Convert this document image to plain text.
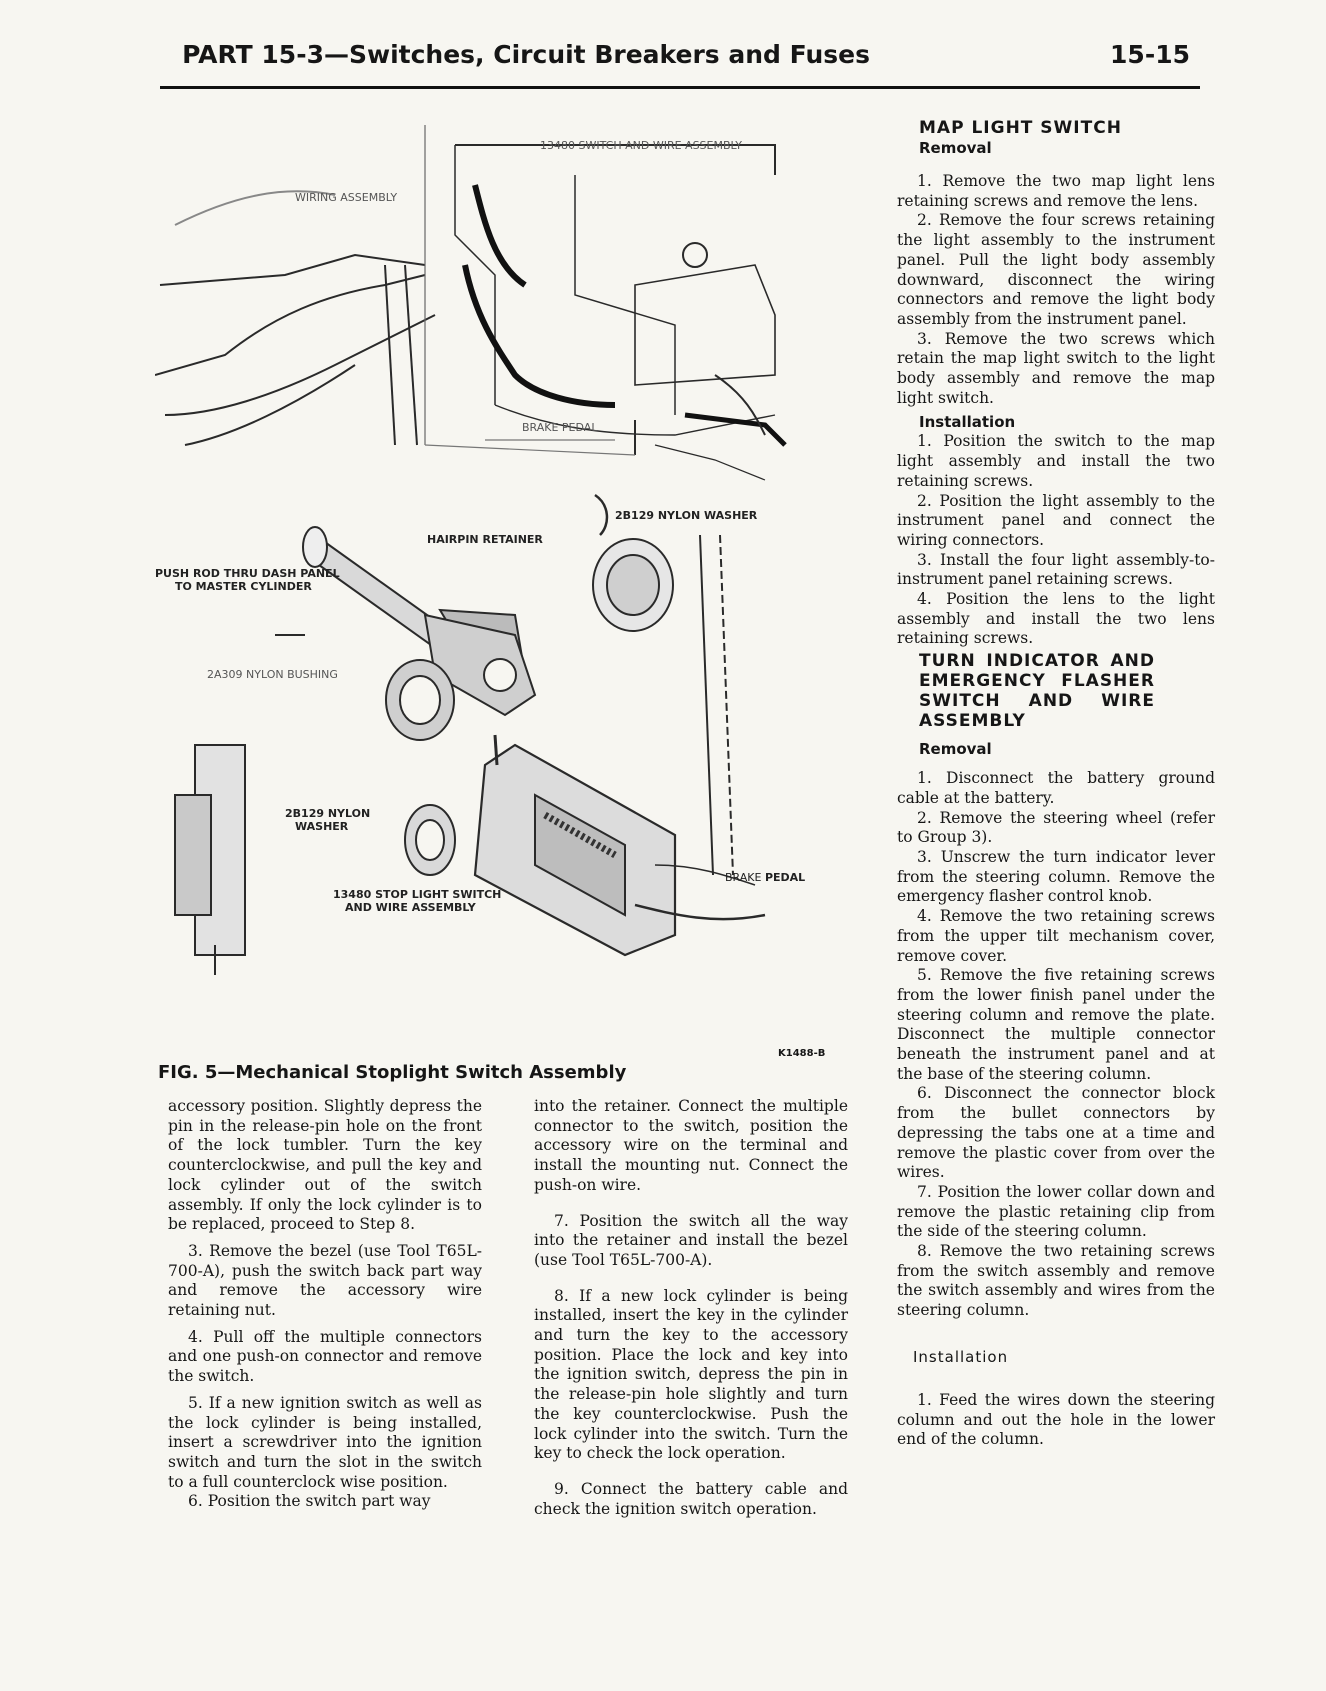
PART 15-3—Switches, Circuit Breakers and Fuses	15-15
13480 SWITCH AND WIRE ASSEMBLY
WIRING ASSEMBLY
BRAKE PEDAL
2B129 NYLON WASHER
HAIRPIN RETAINER
PUSH ROD THRU DASH PANEL
TO MASTER CYLINDER
2A309 NYLON BUSHING
2B129 NYLON
WASHER
13480 STOP LIGHT SWITCH
AND WIRE ASSEMBLY
BRAKE PEDAL
K1488-B
FIG. 5—Mechanical Stoplight Switch Assembly

accessory position. Slightly depress the pin in the release-pin hole on the front of the lock tumbler. Turn the key counterclockwise, and pull the key and lock cylinder out of the switch assembly. If only the lock cylinder is to be replaced, proceed to Step 8.

3. Remove the bezel (use Tool T65L-700-A), push the switch back part way and remove the accessory wire retaining nut.

4. Pull off the multiple connectors and one push-on connector and remove the switch.

5. If a new ignition switch as well as the lock cylinder is being installed, insert a screwdriver into the ignition switch and turn the slot in the switch to a full counterclock wise position.

6. Position the switch part way

into the retainer. Connect the multiple connector to the switch, position the accessory wire on the terminal and install the mounting nut. Connect the push-on wire.

7. Position the switch all the way into the retainer and install the bezel (use Tool T65L-700-A).

8. If a new lock cylinder is being installed, insert the key in the cylinder and turn the key to the accessory position. Place the lock and key into the ignition switch, depress the pin in the release-pin hole slightly and turn the key counterclockwise. Push the lock cylinder into the switch. Turn the key to check the lock operation.

9. Connect the battery cable and check the ignition switch operation.

MAP LIGHT SWITCH
Removal

1. Remove the two map light lens retaining screws and remove the lens.

2. Remove the four screws retaining the light assembly to the instrument panel. Pull the light body assembly downward, disconnect the wiring connectors and remove the light body assembly from the instrument panel.

3. Remove the two screws which retain the map light switch to the light body assembly and remove the map light switch.

Installation

1. Position the switch to the map light assembly and install the two retaining screws.

2. Position the light assembly to the instrument panel and connect the wiring connectors.

3. Install the four light assembly-to-instrument panel retaining screws.

4. Position the lens to the light assembly and install the two lens retaining screws.

TURN INDICATOR AND EMERGENCY FLASHER SWITCH AND WIRE ASSEMBLY
Removal

1. Disconnect the battery ground cable at the battery.

2. Remove the steering wheel (refer to Group 3).

3. Unscrew the turn indicator lever from the steering column. Remove the emergency flasher control knob.

4. Remove the two retaining screws from the upper tilt mechanism cover, remove cover.

5. Remove the five retaining screws from the lower finish panel under the steering column and remove the plate. Disconnect the multiple connector beneath the instrument panel and at the base of the steering column.

6. Disconnect the connector block from the bullet connectors by depressing the tabs one at a time and remove the plastic cover from over the wires.

7. Position the lower collar down and remove the plastic retaining clip from the side of the steering column.

8. Remove the two retaining screws from the switch assembly and remove the switch assembly and wires from the steering column.

Installation

1. Feed the wires down the steering column and out the hole in the lower end of the column.
